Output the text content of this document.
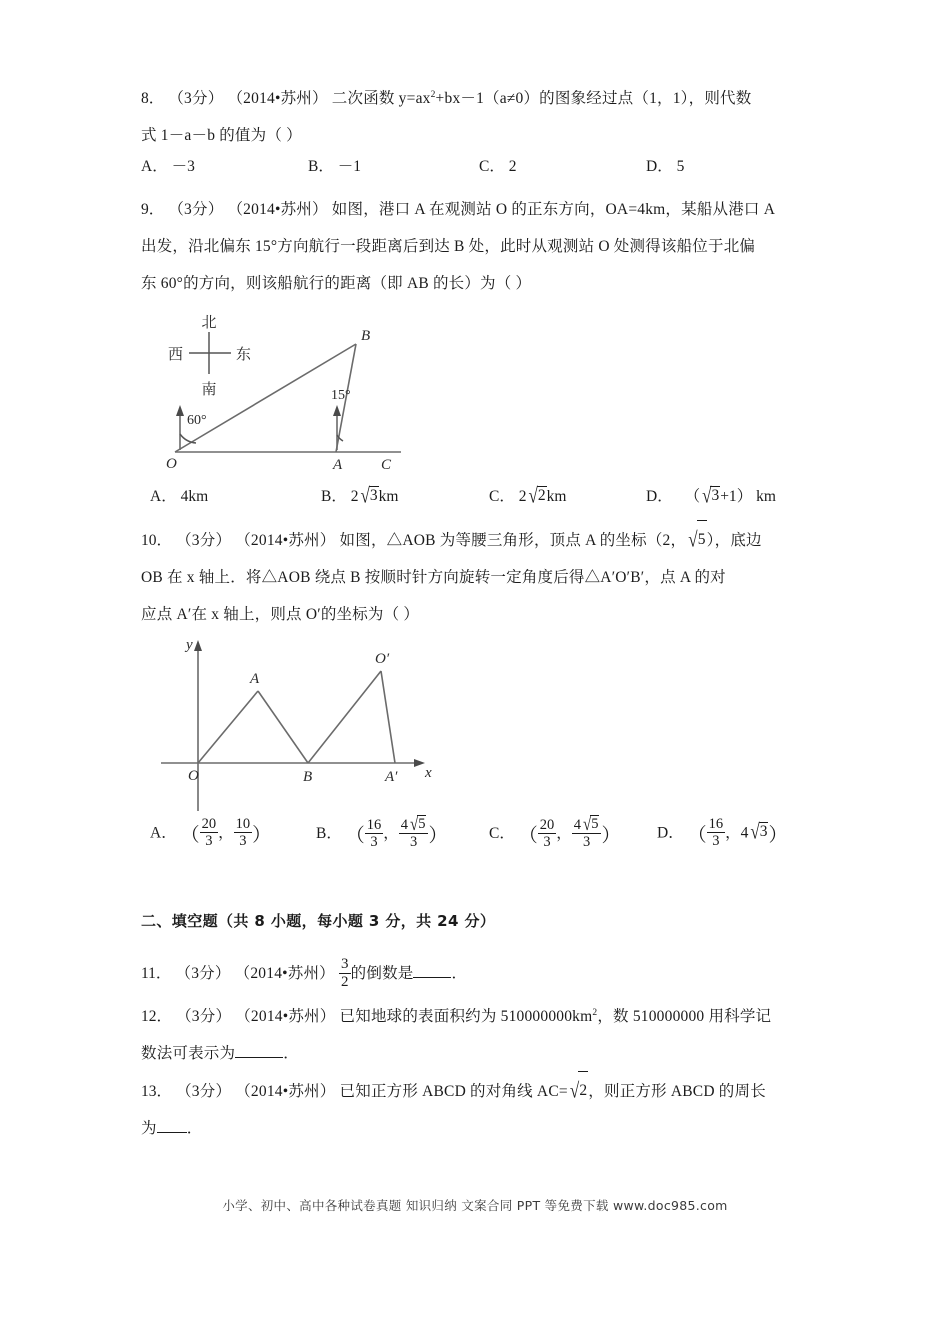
8． （3分） （2014•苏州） 二次函数 $y=ax^2+bx-1(a\ne 0)$的图象经过点（1，1），则代数
式 1－a－b 的值为（ ）
A． －3	B． －1	C． 2	D． 5
9． （3分） （2014•苏州） 如图，港口 A 在观测站 O 的正东方向，OA=4km，某船从港口 A
出发，沿北偏东 15°方向航行一段距离后到达 B 处，此时从观测站 O 处测得该船位于北偏
东 60°的方向，则该船航行的距离（即 AB 的长）为（ ）
北
西	东
南
60°
15°
O	A
B
C
A． 4km	B． 2 √3km	C． 2 √2km	D． （ √3+1） km
10． （3分） （2014•苏州） 如图，△AOB 为等腰三角形，顶点 A 的坐标（2， √5），底边
OB 在 x 轴上．将△AOB 绕点 B 按顺时针方向旋转一定角度后得△A′O′B′，点 A 的对
应点 A′在 x 轴上，则点 O′的坐标为（ ）
y
x
A
O	B	A′
O′
A． （ $\frac{20}{3}$ ， $\frac{10}{3}$ ）	B． （ $\frac{16}{3}$ ， $\frac{4 √5}{3}$ ）	C． （ $\frac{20}{3}$ ， $\frac{4 √5}{3}$ ） D． （ $\frac{16}{3}$ ，4 √3）
二、填空题（共 8 小题，每小题 3 分，共 24 分）
11． （3分） （2014•苏州） $\frac{3}{2}$ 的倒数是 ．
12． （3分） （2014•苏州） 已知地球的表面积约为 $510000000km^2$，数 510000000 用科学记
数法可表示为	．
13． （3分） （2014•苏州） 已知正方形 ABCD 的对角线 AC= √2，则正方形 ABCD 的周长
为 ．
小学、初中、高中各种试卷真题 知识归纳 文案合同 PPT 等免费下载 www.doc985.com
